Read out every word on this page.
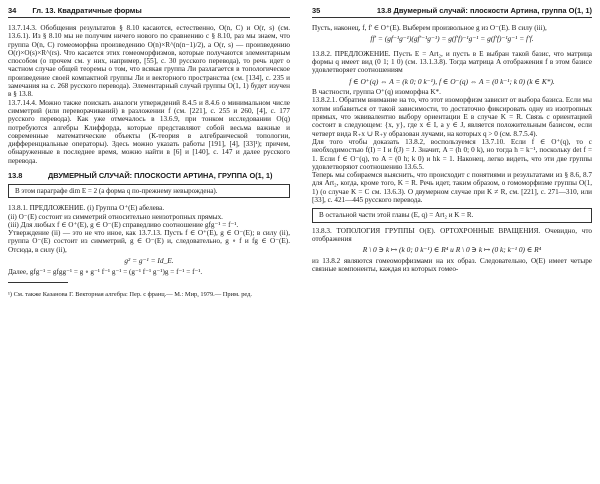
34 Гл. 13. Квадратичные формы

13.7.14.3. Обобщения результатов § 8.10 касаются, естественно, O(n, C) и O(r, s) (см. 13.6.1). Из § 8.10 мы не получим ничего нового по сравнению с § 8.10, раз мы знаем, что группа O(n, C) гомеоморфна произведению O(n)×R^(n(n−1)/2), а O(r, s) — произведению O(r)×O(s)×R^(rs). Что касается этих гомеоморфизмов, которые получаются элементарным способом (о прочем см. у них, например, [55], с. 30 русского перевода), то речь идет о частном случае общей теоремы о том, что всякая группа Ли разлагается в топологическое произведение своей компактной группы Ли и векторного пространства (см. [134], с. 235 и замечания на с. 268 русского перевода). Элементарный случай группы O(1, 1) будет изучен в § 13.8.

13.7.14.4. Можно также поискать аналоги утверждений 8.4.5 и 8.4.6 о минимальном числе симметрий (или переворачиваний) в разложении f (см. [221], с. 255 и 260, [4], с. 177 русского перевода). Как уже отмечалось в 13.6.9, при тонком исследовании O(q) потребуются алгебры Клиффорда, которые представляют собой весьма важные и современные математические объекты (К-теория в алгебраической топологии, дифференциальные операторы). Здесь можно указать работы [191], [4], [33]¹); причем, обнаруженные в последнее время, можно найти в [6] и [140], с. 147 и далее русского перевода.

13.8	ДВУМЕРНЫЙ СЛУЧАЙ: ПЛОСКОСТИ АРТИНА, ГРУППА O(1, 1)
В этом параграфе dim E = 2 (а форма q по-прежнему невырождена).

13.8.1. ПРЕДЛОЖЕНИЕ. (i) Группа O⁺(E) абелева.

(ii) O⁻(E) состоит из симметрий относительно неизотропных прямых.

(iii) Для любых f ∈ O⁺(E), g ∈ O⁻(E) справедливо соотношение gfg⁻¹ = f⁻¹.

Утверждение (ii) — это не что иное, как 13.7.13. Пусть f ∈ O⁺(E), g ∈ O⁻(E); в силу (ii), группа O⁻(E) состоит из симметрий, g ∈ O⁻(E) и, следовательно, g ∘ f и fg ∈ O⁻(E). Отсюда, в силу (ii),

g² = g⁻¹ = Id_E.

Далее, gfg⁻¹ = gfgg⁻¹ = g ∘ g⁻¹ f⁻¹ g⁻¹ = (g⁻¹ f⁻¹ g⁻¹)g = f⁻¹ = f⁻¹.

¹) См. также Казанова Г. Векторная алгебра: Пер. с франц.— М.: Мир, 1979.— Прим. ред.
35	13.8 Двумерный случай: плоскости Артина, группа O(1, 1)

Пусть, наконец, f, f' ∈ O⁺(E). Выберем произвольное g из O⁻(E). В силу (iii),

ff' = (gf⁻¹g⁻¹)(gf'⁻¹g⁻¹) = g(f'f)⁻¹g⁻¹ = g(f'f)⁻¹g⁻¹ = f'f.

13.8.2. ПРЕДЛОЖЕНИЕ. Пусть E = Art₂, и пусть в E выбран такой базис, что матрица формы q имеет вид (0 1; 1 0) (см. 13.1.3.8). Тогда матрица A отображения f в этом базисе удовлетворяет соотношениям

f ∈ O⁺(q) ⇔ A = (k 0; 0 k⁻¹), f ∈ O⁻(q) ⇔ A = (0 k⁻¹; k 0) (k ∈ K*).

В частности, группа O⁺(q) изоморфна K*.

13.8.2.1. Обратим внимание на то, что этот изоморфизм зависит от выбора базиса. Если мы хотим избавиться от такой зависимости, то достаточно фиксировать одну из изотропных прямых, что эквивалентно выбору ориентации E в случае K = R. Связь с ориентацией состоит в следующем: {x, y}, где x ∈ I, a y ∈ J, является положительным базисом, если четверт вида R₊x ∪ R₊y образован лучами, на которых q > 0 (см. 8.7.5.4).

Для того чтобы доказать 13.8.2, воспользуемся 13.7.10. Если f ∈ O⁺(q), то с необходимостью f(I) = I и f(J) = J. Значит, A = (h 0; 0 k), но тогда h = k⁻¹, поскольку det f = 1. Если f ∈ O⁻(q), то A = (0 h; k 0) и hk = 1. Наконец, легко видеть, что эти две группы удовлетворяют соотношению 13.6.5.

Теперь мы собираемся выяснить, что происходит с понятиями и результатами из § 8.6, 8.7 для Art₂, когда, кроме того, K = R. Речь идет, таким образом, о гомоморфизме группы O(1, 1) (о случае K = C см. 13.6.3). О двумерном случае при K ≠ R, см. [221], с. 271—310, или [33], с. 421—445 русского перевода.

В остальной части этой главы (E, q) = Art₂ и K = R.

13.8.3. ТОПОЛОГИЯ ГРУППЫ O(E). ОРТОХРОННЫЕ ВРАЩЕНИЯ. Очевидно, что отображения

R \ 0 ∋ k ↦ (k 0; 0 k⁻¹) ∈ R⁴ и R \ 0 ∋ k ↦ (0 k; k⁻¹ 0) ∈ R⁴

из 13.8.2 являются гомеоморфизмами на их образ. Следовательно, O(E) имеет четыре связные компоненты, каждая из которых гомео-
